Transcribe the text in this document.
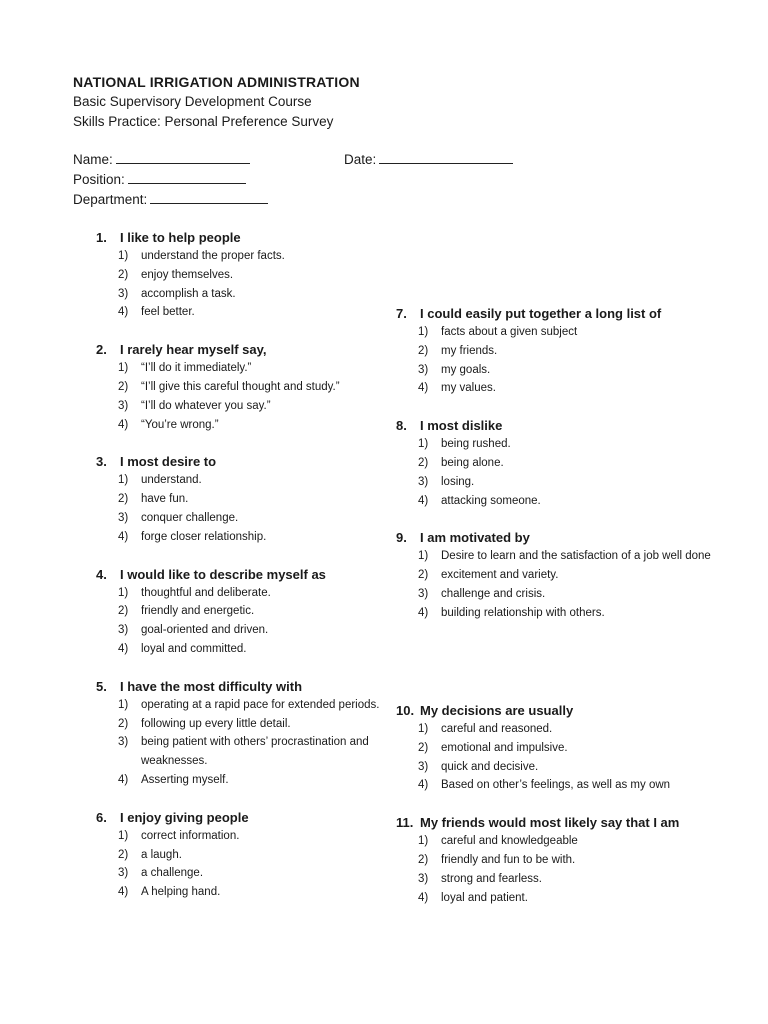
NATIONAL IRRIGATION ADMINISTRATION
Basic Supervisory Development Course
Skills Practice: Personal Preference Survey
Name:	Date:
Position:
Department:
1.	I like to help people
1)	understand the proper facts.
2)	enjoy themselves.
3)	accomplish a task.
4)	feel better.
2.	I rarely hear myself say,
1)	“I’ll do it immediately.”
2)	“I’ll give this careful thought and study.”
3)	“I’ll do whatever you say.”
4)	“You’re wrong.”
3.	I most desire to
1)	understand.
2)	have fun.
3)	conquer challenge.
4)	forge closer relationship.
4.	I would like to describe myself as
1)	thoughtful and deliberate.
2)	friendly and energetic.
3)	goal-oriented and driven.
4)	loyal and committed.
5.	I have the most difficulty with
1)	operating at a rapid pace for extended periods.
2)	following up every little detail.
3)	being patient with others’ procrastination and weaknesses.
4)	Asserting myself.
6.	I enjoy giving people
1)	correct information.
2)	a laugh.
3)	a challenge.
4)	A helping hand.
7.	I could easily put together a long list of
1)	facts about a given subject
2)	my friends.
3)	my goals.
4)	my values.
8.	I most dislike
1)	being rushed.
2)	being alone.
3)	losing.
4)	attacking someone.
9.	I am motivated by
1)	Desire to learn and the satisfaction of a job well done
2)	excitement and variety.
3)	challenge and crisis.
4)	building relationship with others.
10. My decisions are usually
1)	careful and reasoned.
2)	emotional and impulsive.
3)	quick and decisive.
4)	Based on other’s feelings, as well as my own
11. My friends would most likely say that I am
1)	careful and knowledgeable
2)	friendly and fun to be with.
3)	strong and fearless.
4)	loyal and patient.
